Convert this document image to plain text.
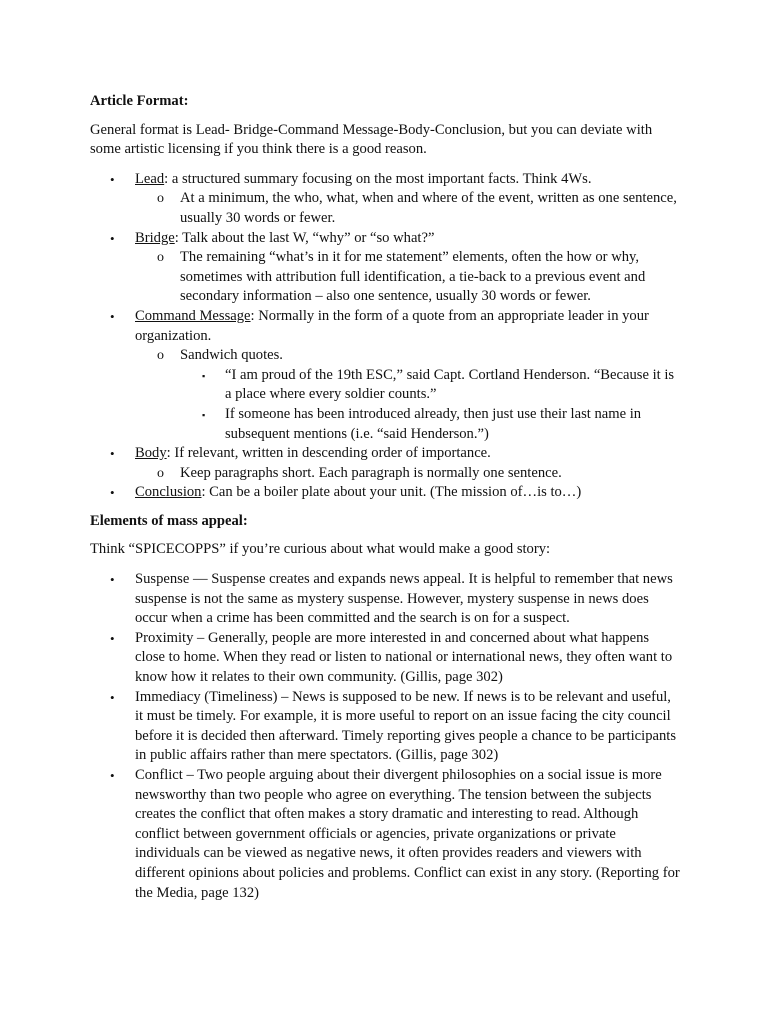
Article Format:

General format is Lead- Bridge-Command Message-Body-Conclusion, but you can deviate with some artistic licensing if you think there is a good reason.

• Lead: a structured summary focusing on the most important facts. Think 4Ws.
o At a minimum, the who, what, when and where of the event, written as one sentence, usually 30 words or fewer.
• Bridge: Talk about the last W, “why” or “so what?”
o The remaining “what’s in it for me statement” elements, often the how or why, sometimes with attribution full identification, a tie-back to a previous event and secondary information – also one sentence, usually 30 words or fewer.
• Command Message: Normally in the form of a quote from an appropriate leader in your organization.
o Sandwich quotes.
▪ “I am proud of the 19th ESC,” said Capt. Cortland Henderson. “Because it is a place where every soldier counts.”
▪ If someone has been introduced already, then just use their last name in subsequent mentions (i.e. “said Henderson.”)
• Body: If relevant, written in descending order of importance.
o Keep paragraphs short. Each paragraph is normally one sentence.
• Conclusion: Can be a boiler plate about your unit. (The mission of…is to…)

Elements of mass appeal:

Think “SPICECOPPS” if you’re curious about what would make a good story:

• Suspense — Suspense creates and expands news appeal. It is helpful to remember that news suspense is not the same as mystery suspense. However, mystery suspense in news does occur when a crime has been committed and the search is on for a suspect.
• Proximity – Generally, people are more interested in and concerned about what happens close to home. When they read or listen to national or international news, they often want to know how it relates to their own community. (Gillis, page 302)
• Immediacy (Timeliness) – News is supposed to be new. If news is to be relevant and useful, it must be timely. For example, it is more useful to report on an issue facing the city council before it is decided then afterward. Timely reporting gives people a chance to be participants in public affairs rather than mere spectators. (Gillis, page 302)
• Conflict – Two people arguing about their divergent philosophies on a social issue is more newsworthy than two people who agree on everything. The tension between the subjects creates the conflict that often makes a story dramatic and interesting to read. Although conflict between government officials or agencies, private organizations or private individuals can be viewed as negative news, it often provides readers and viewers with different opinions about policies and problems. Conflict can exist in any story. (Reporting for the Media, page 132)
